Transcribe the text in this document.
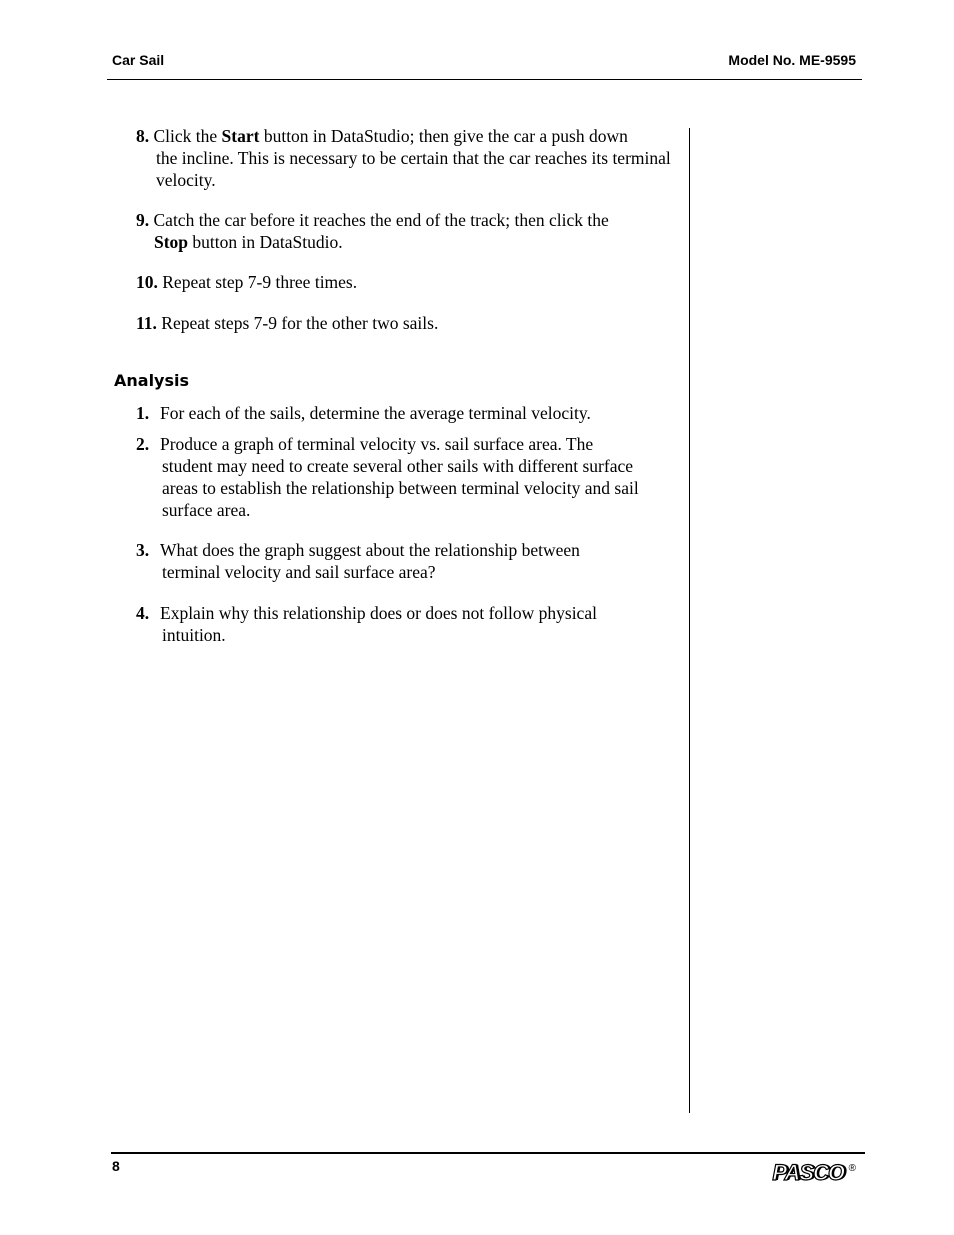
Car Sail	Model No. ME-9595
8. Click the Start button in DataStudio; then give the car a push down
the incline. This is necessary to be certain that the car reaches its terminal velocity.
9. Catch the car before it reaches the end of the track; then click the
Stop button in DataStudio.
10. Repeat step 7-9 three times.
11. Repeat steps 7-9 for the other two sails.
Analysis
1. For each of the sails, determine the average terminal velocity.
2. Produce a graph of terminal velocity vs. sail surface area. The
student may need to create several other sails with different surface areas to establish the relationship between terminal velocity and sail surface area.
3. What does the graph suggest about the relationship between
terminal velocity and sail surface area?
4. Explain why this relationship does or does not follow physical
intuition.
8	PASCO ®
